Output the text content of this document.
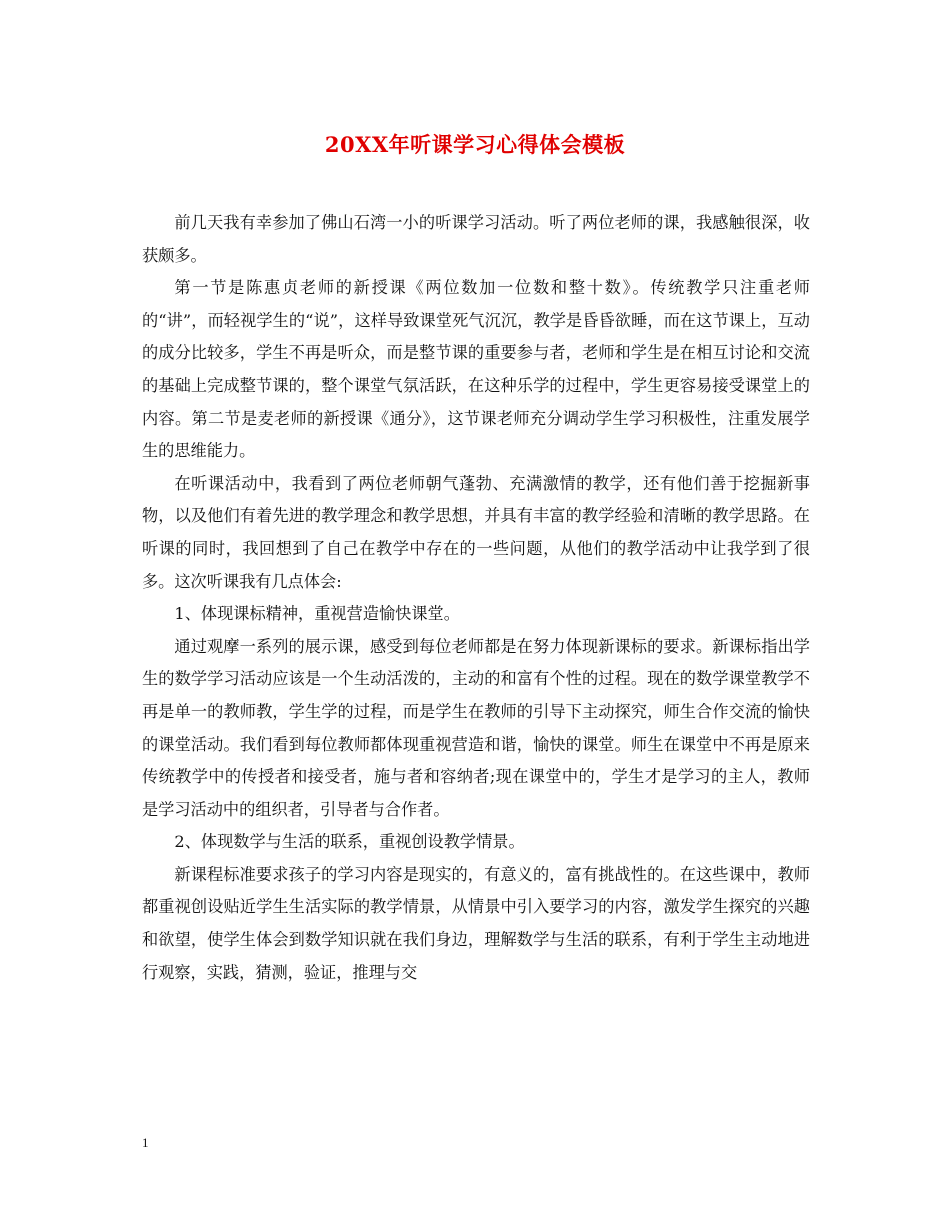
20XX年听课学习心得体会模板

前几天我有幸参加了佛山石湾一小的听课学习活动。听了两位老师的课，我感触很深，收获颇多。

第一节是陈惠贞老师的新授课《两位数加一位数和整十数》。传统教学只注重老师的“讲”，而轻视学生的“说”，这样导致课堂死气沉沉，教学是昏昏欲睡，而在这节课上，互动的成分比较多，学生不再是听众，而是整节课的重要参与者，老师和学生是在相互讨论和交流的基础上完成整节课的，整个课堂气氛活跃，在这种乐学的过程中，学生更容易接受课堂上的内容。第二节是麦老师的新授课《通分》，这节课老师充分调动学生学习积极性，注重发展学生的思维能力。

在听课活动中，我看到了两位老师朝气蓬勃、充满激情的教学，还有他们善于挖掘新事物，以及他们有着先进的教学理念和教学思想，并具有丰富的教学经验和清晰的教学思路。在听课的同时，我回想到了自己在教学中存在的一些问题，从他们的教学活动中让我学到了很多。这次听课我有几点体会:

1、体现课标精神，重视营造愉快课堂。

通过观摩一系列的展示课，感受到每位老师都是在努力体现新课标的要求。新课标指出学生的数学学习活动应该是一个生动活泼的，主动的和富有个性的过程。现在的数学课堂教学不再是单一的教师教，学生学的过程，而是学生在教师的引导下主动探究，师生合作交流的愉快的课堂活动。我们看到每位教师都体现重视营造和谐，愉快的课堂。师生在课堂中不再是原来传统教学中的传授者和接受者，施与者和容纳者;现在课堂中的，学生才是学习的主人，教师是学习活动中的组织者，引导者与合作者。

2、体现数学与生活的联系，重视创设教学情景。

新课程标准要求孩子的学习内容是现实的，有意义的，富有挑战性的。在这些课中，教师都重视创设贴近学生生活实际的教学情景，从情景中引入要学习的内容，激发学生探究的兴趣和欲望，使学生体会到数学知识就在我们身边，理解数学与生活的联系，有利于学生主动地进行观察，实践，猜测，验证，推理与交

1
